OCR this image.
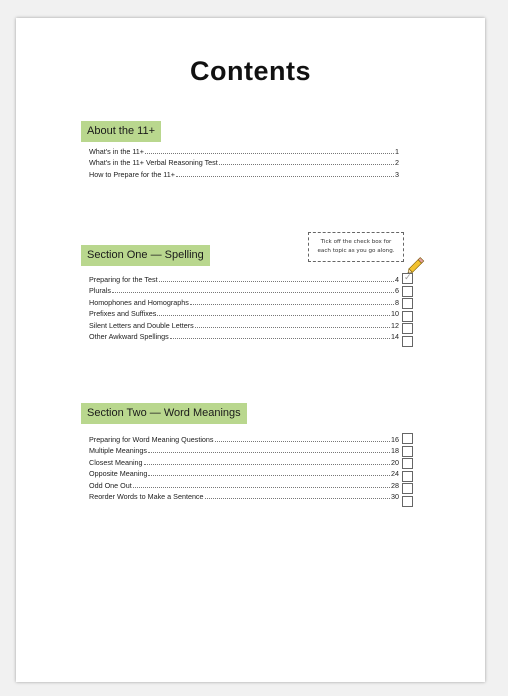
Contents
About the 11+
What's in the 11+	1
What's in the 11+ Verbal Reasoning Test	2
How to Prepare for the 11+	3
Tick off the check box for
each topic as you go along.
Section One — Spelling
Preparing for the Test	4
Plurals	6
Homophones and Homographs	8
Prefixes and Suffixes	10
Silent Letters and Double Letters	12
Other Awkward Spellings	14
✓
Section Two — Word Meanings
Preparing for Word Meaning Questions	16
Multiple Meanings	18
Closest Meaning	20
Opposite Meaning	24
Odd One Out	28
Reorder Words to Make a Sentence	30
